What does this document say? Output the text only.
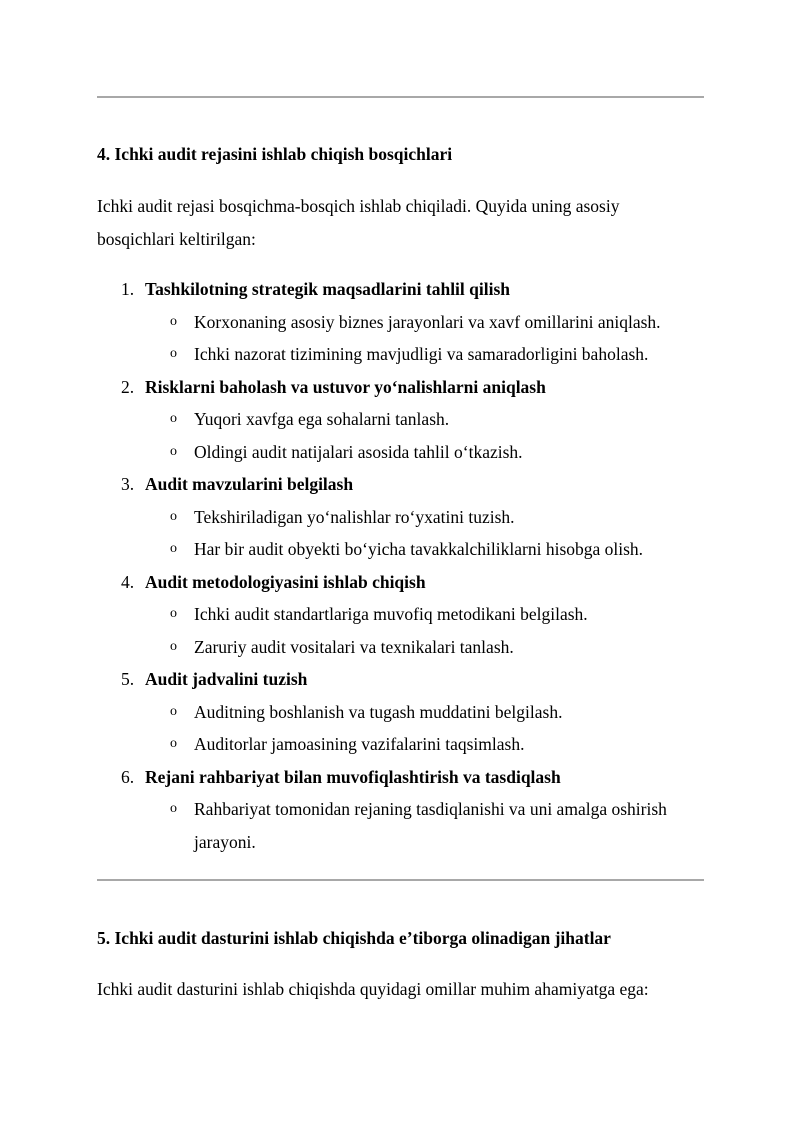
4. Ichki audit rejasini ishlab chiqish bosqichlari

Ichki audit rejasi bosqichma-bosqich ishlab chiqiladi. Quyida uning asosiy bosqichlari keltirilgan:

1. Tashkilotning strategik maqsadlarini tahlil qilish
o Korxonaning asosiy biznes jarayonlari va xavf omillarini aniqlash.
o Ichki nazorat tizimining mavjudligi va samaradorligini baholash.
2. Risklarni baholash va ustuvor yo‘nalishlarni aniqlash
o Yuqori xavfga ega sohalarni tanlash.
o Oldingi audit natijalari asosida tahlil o‘tkazish.
3. Audit mavzularini belgilash
o Tekshiriladigan yo‘nalishlar ro‘yxatini tuzish.
o Har bir audit obyekti bo‘yicha tavakkalchiliklarni hisobga olish.
4. Audit metodologiyasini ishlab chiqish
o Ichki audit standartlariga muvofiq metodikani belgilash.
o Zaruriy audit vositalari va texnikalari tanlash.
5. Audit jadvalini tuzish
o Auditning boshlanish va tugash muddatini belgilash.
o Auditorlar jamoasining vazifalarini taqsimlash.
6. Rejani rahbariyat bilan muvofiqlashtirish va tasdiqlash
o Rahbariyat tomonidan rejaning tasdiqlanishi va uni amalga oshirish jarayoni.
5. Ichki audit dasturini ishlab chiqishda e’tiborga olinadigan jihatlar

Ichki audit dasturini ishlab chiqishda quyidagi omillar muhim ahamiyatga ega:
